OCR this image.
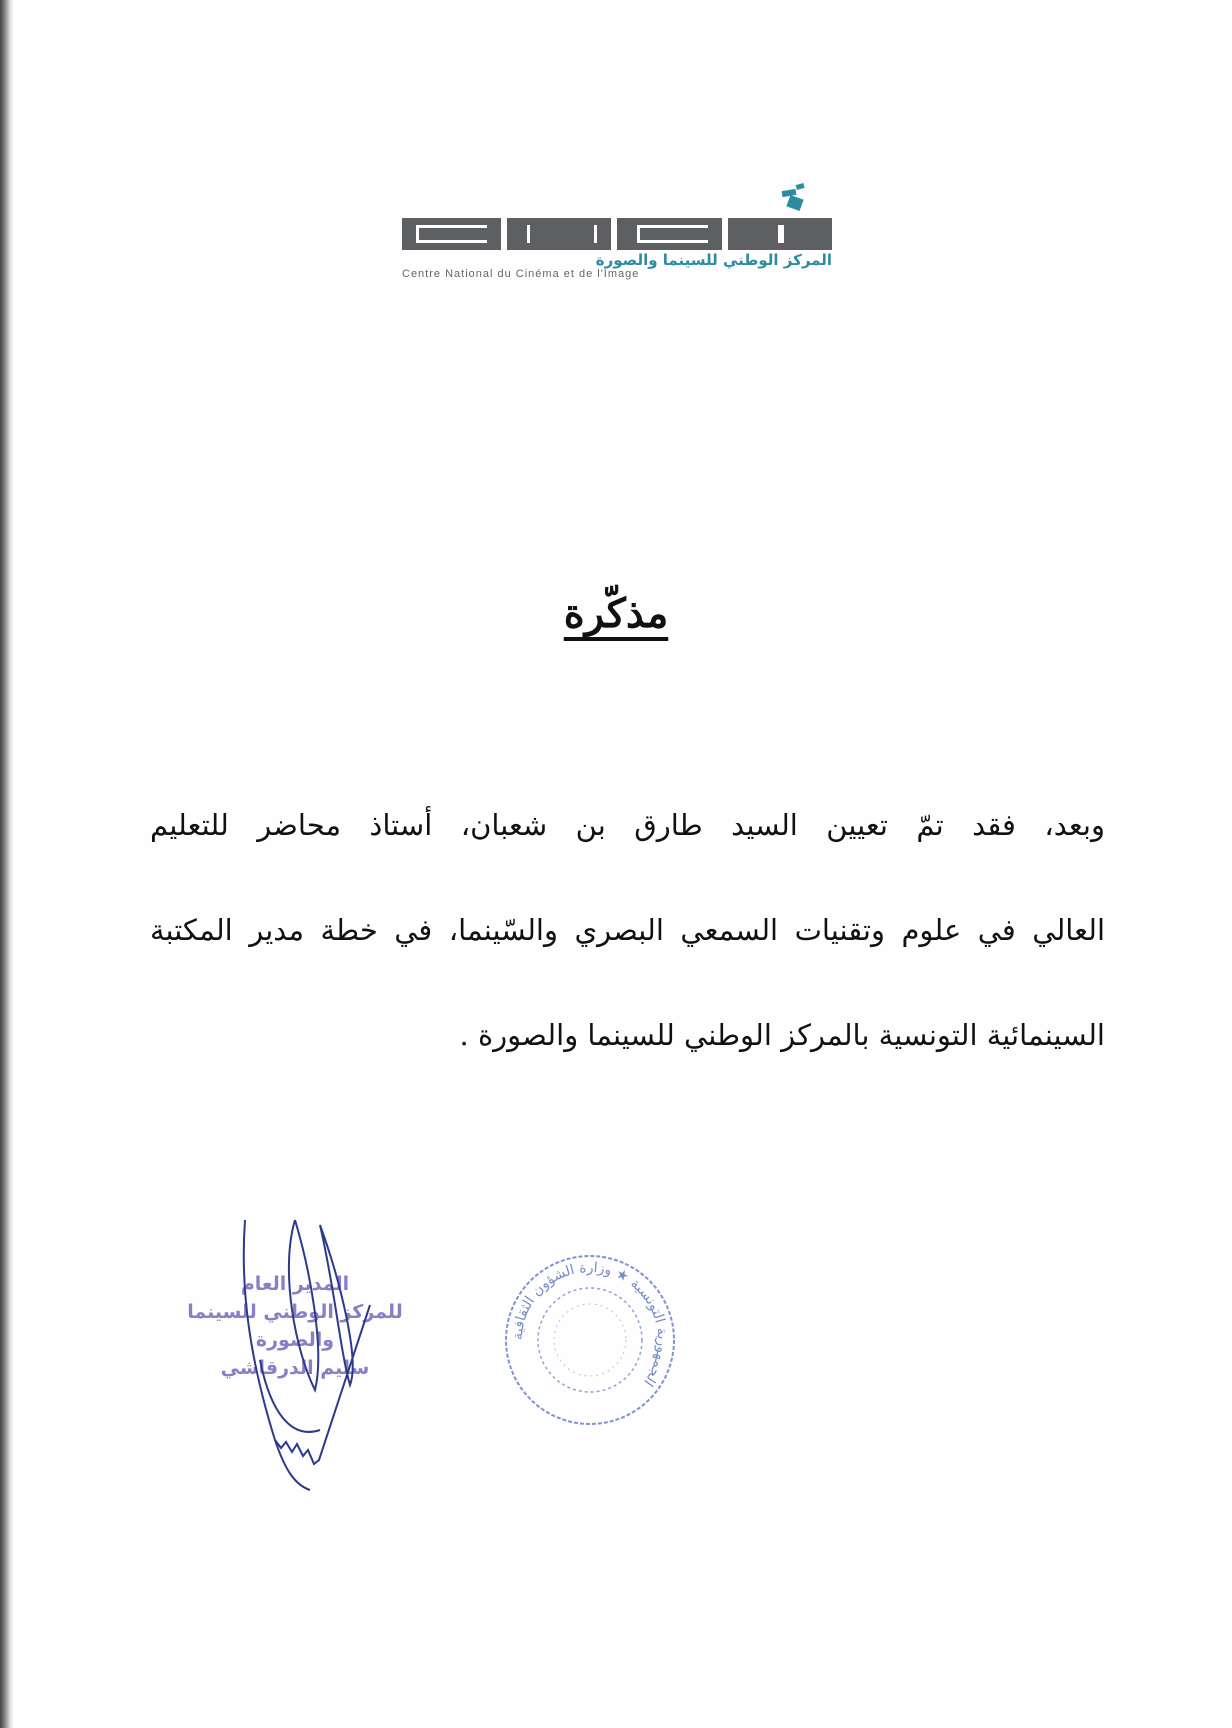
المركز الوطني للسينما والصورة
Centre National du Cinéma et de l'Image
مذكّرة
وبعد، فقد تمّ تعيين السيد طارق بن شعبان، أستاذ محاضر للتعليم
العالي في علوم وتقنيات السمعي البصري والسّينما، في خطة مدير المكتبة
السينمائية التونسية بالمركز الوطني للسينما والصورة .
المدير العام
للمركز الوطني للسينما والصورة
سليم الدرقاشي
الجمهورية التونسية ★ وزارة الشؤون الثقافية
